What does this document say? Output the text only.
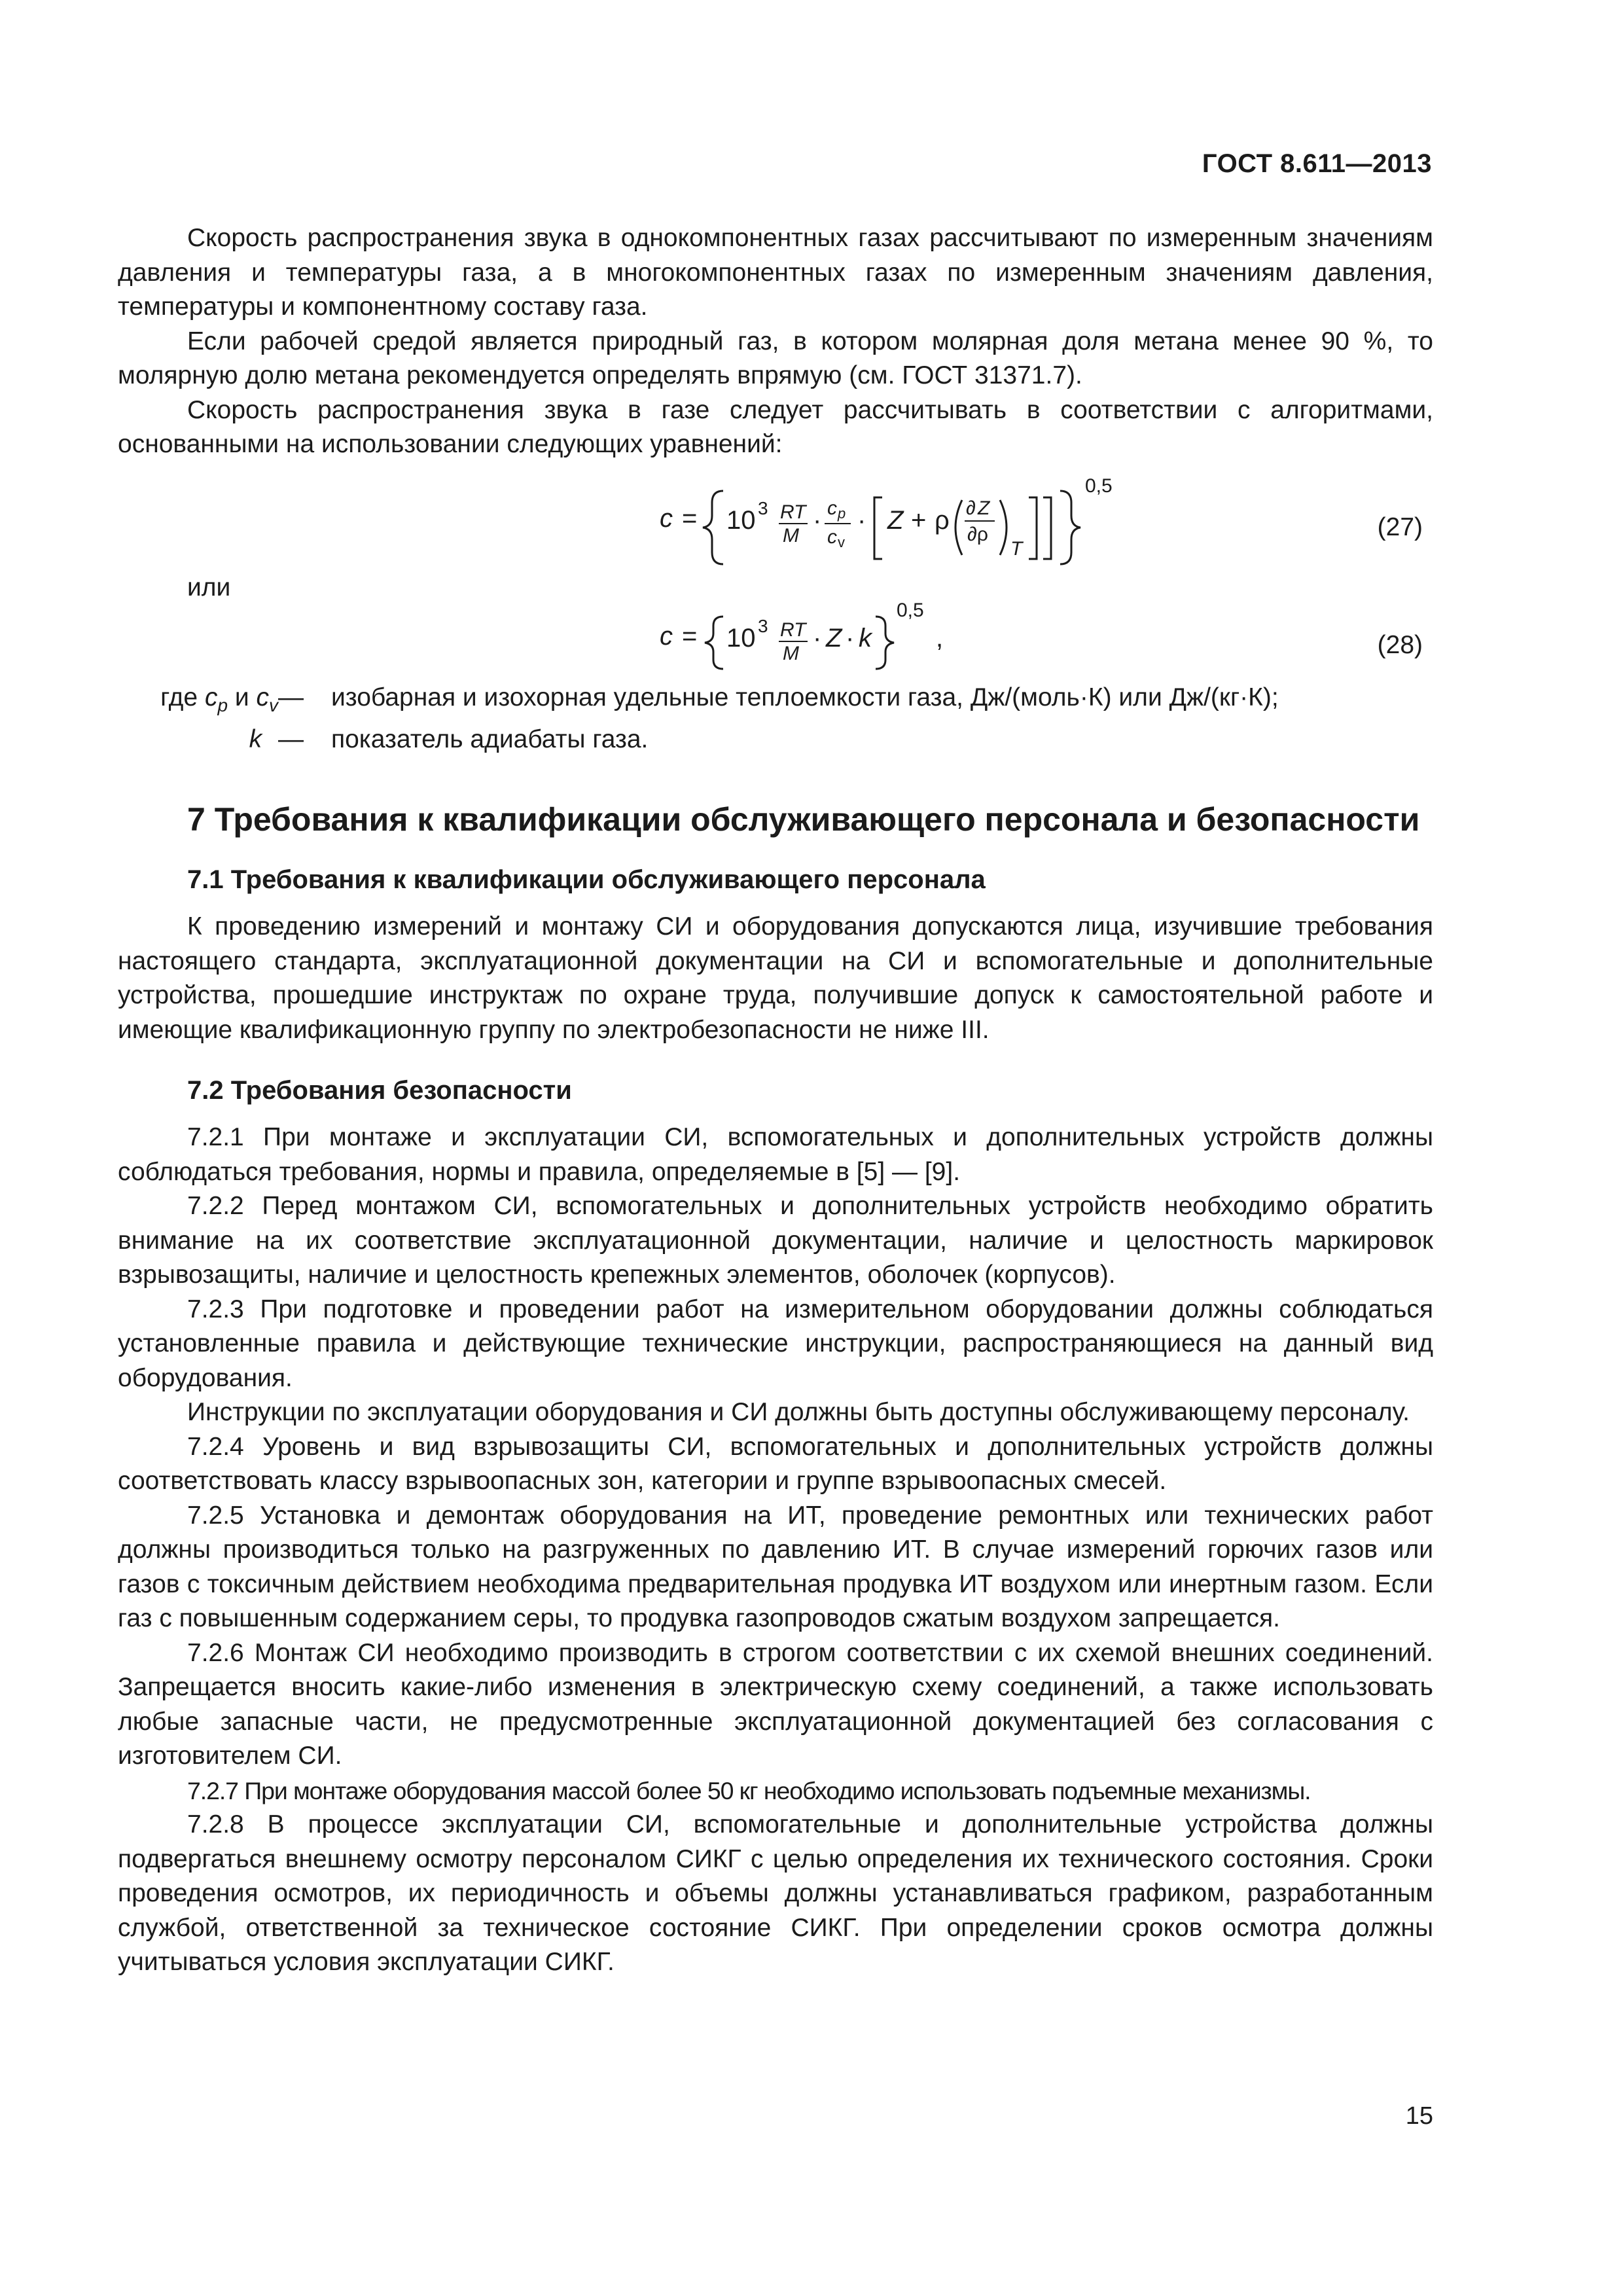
ГОСТ 8.611—2013

Скорость распространения звука в однокомпонентных газах рассчитывают по измеренным значениям давления и температуры газа, а в многокомпонентных газах по измеренным значениям давления, температуры и компонентному составу газа.

Если рабочей средой является природный газ, в котором молярная доля метана менее 90 %, то молярную долю метана рекомендуется определять впрямую (см. ГОСТ 31371.7).

Скорость распространения звука в газе следует рассчитывать в соответствии с алгоритмами, основанными на использовании следующих уравнений:

c = 10 3 RT
M
· c p
c v
· Z + ρ ∂ Z
∂ρ
T
0,5
(27)
или
c = 10 3 RT
M
· Z · k
0,5
,	(28)
где $c_p$ и $c_v—$	изобарная и изохорная удельные теплоемкости газа, Дж/(моль·К) или Дж/(кг·К);
k —	показатель адиабаты газа.
7 Требования к квалификации обслуживающего персонала и безопасности
7.1 Требования к квалификации обслуживающего персонала

К проведению измерений и монтажу СИ и оборудования допускаются лица, изучившие требования настоящего стандарта, эксплуатационной документации на СИ и вспомогательные и дополнительные устройства, прошедшие инструктаж по охране труда, получившие допуск к самостоятельной работе и имеющие квалификационную группу по электробезопасности не ниже III.

7.2 Требования безопасности

7.2.1 При монтаже и эксплуатации СИ, вспомогательных и дополнительных устройств должны соблюдаться требования, нормы и правила, определяемые в [5] — [9].

7.2.2 Перед монтажом СИ, вспомогательных и дополнительных устройств необходимо обратить внимание на их соответствие эксплуатационной документации, наличие и целостность маркировок взрывозащиты, наличие и целостность крепежных элементов, оболочек (корпусов).

7.2.3 При подготовке и проведении работ на измерительном оборудовании должны соблюдаться установленные правила и действующие технические инструкции, распространяющиеся на данный вид оборудования.

Инструкции по эксплуатации оборудования и СИ должны быть доступны обслуживающему персоналу.

7.2.4 Уровень и вид взрывозащиты СИ, вспомогательных и дополнительных устройств должны соответствовать классу взрывоопасных зон, категории и группе взрывоопасных смесей.

7.2.5 Установка и демонтаж оборудования на ИТ, проведение ремонтных или технических работ должны производиться только на разгруженных по давлению ИТ. В случае измерений горючих газов или газов с токсичным действием необходима предварительная продувка ИТ воздухом или инертным газом. Если газ с повышенным содержанием серы, то продувка газопроводов сжатым воздухом запрещается.

7.2.6 Монтаж СИ необходимо производить в строгом соответствии с их схемой внешних соединений. Запрещается вносить какие-либо изменения в электрическую схему соединений, а также использовать любые запасные части, не предусмотренные эксплуатационной документацией без согласования с изготовителем СИ.

7.2.7 При монтаже оборудования массой более 50 кг необходимо использовать подъемные механизмы.

7.2.8 В процессе эксплуатации СИ, вспомогательные и дополнительные устройства должны подвергаться внешнему осмотру персоналом СИКГ с целью определения их технического состояния. Сроки проведения осмотров, их периодичность и объемы должны устанавливаться графиком, разработанным службой, ответственной за техническое состояние СИКГ. При определении сроков осмотра должны учитываться условия эксплуатации СИКГ.

15
